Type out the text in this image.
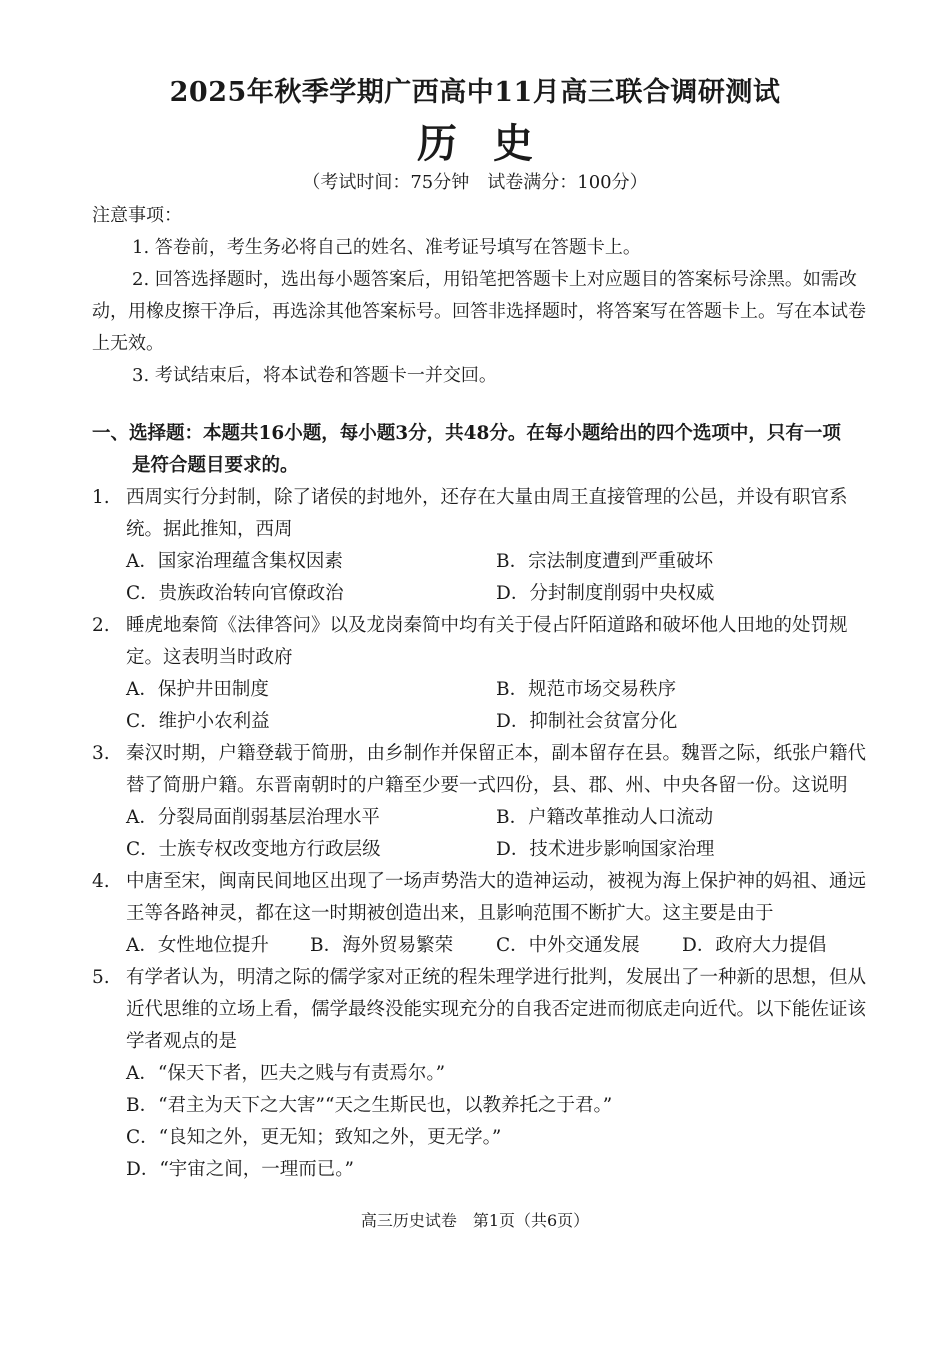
2025年秋季学期广西高中11月高三联合调研测试
历史
（考试时间：75分钟　试卷满分：100分）
注意事项：
1. 答卷前，考生务必将自己的姓名、准考证号填写在答题卡上。
2. 回答选择题时，选出每小题答案后，用铅笔把答题卡上对应题目的答案标号涂黑。如需改动，用橡皮擦干净后，再选涂其他答案标号。回答非选择题时，将答案写在答题卡上。写在本试卷上无效。
3. 考试结束后，将本试卷和答题卡一并交回。
一、选择题：本题共16小题，每小题3分，共48分。在每小题给出的四个选项中，只有一项
是符合题目要求的。
1. 西周实行分封制，除了诸侯的封地外，还存在大量由周王直接管理的公邑，并设有职官系统。据此推知，西周
A．国家治理蕴含集权因素	B．宗法制度遭到严重破坏
C．贵族政治转向官僚政治	D．分封制度削弱中央权威
2. 睡虎地秦简《法律答问》以及龙岗秦简中均有关于侵占阡陌道路和破坏他人田地的处罚规定。这表明当时政府
A．保护井田制度	B．规范市场交易秩序
C．维护小农利益	D．抑制社会贫富分化
3. 秦汉时期，户籍登载于简册，由乡制作并保留正本，副本留存在县。魏晋之际，纸张户籍代替了简册户籍。东晋南朝时的户籍至少要一式四份，县、郡、州、中央各留一份。这说明
A．分裂局面削弱基层治理水平	B．户籍改革推动人口流动
C．士族专权改变地方行政层级	D．技术进步影响国家治理
4. 中唐至宋，闽南民间地区出现了一场声势浩大的造神运动，被视为海上保护神的妈祖、通远王等各路神灵，都在这一时期被创造出来，且影响范围不断扩大。这主要是由于
A．女性地位提升 B．海外贸易繁荣 C．中外交通发展 D．政府大力提倡
5. 有学者认为，明清之际的儒学家对正统的程朱理学进行批判，发展出了一种新的思想，但从近代思维的立场上看，儒学最终没能实现充分的自我否定进而彻底走向近代。以下能佐证该学者观点的是
A．“保天下者，匹夫之贱与有责焉尔。”
B．“君主为天下之大害”“天之生斯民也，以教养托之于君。”
C．“良知之外，更无知；致知之外，更无学。”
D．“宇宙之间，一理而已。”
高三历史试卷　第1页（共6页）
